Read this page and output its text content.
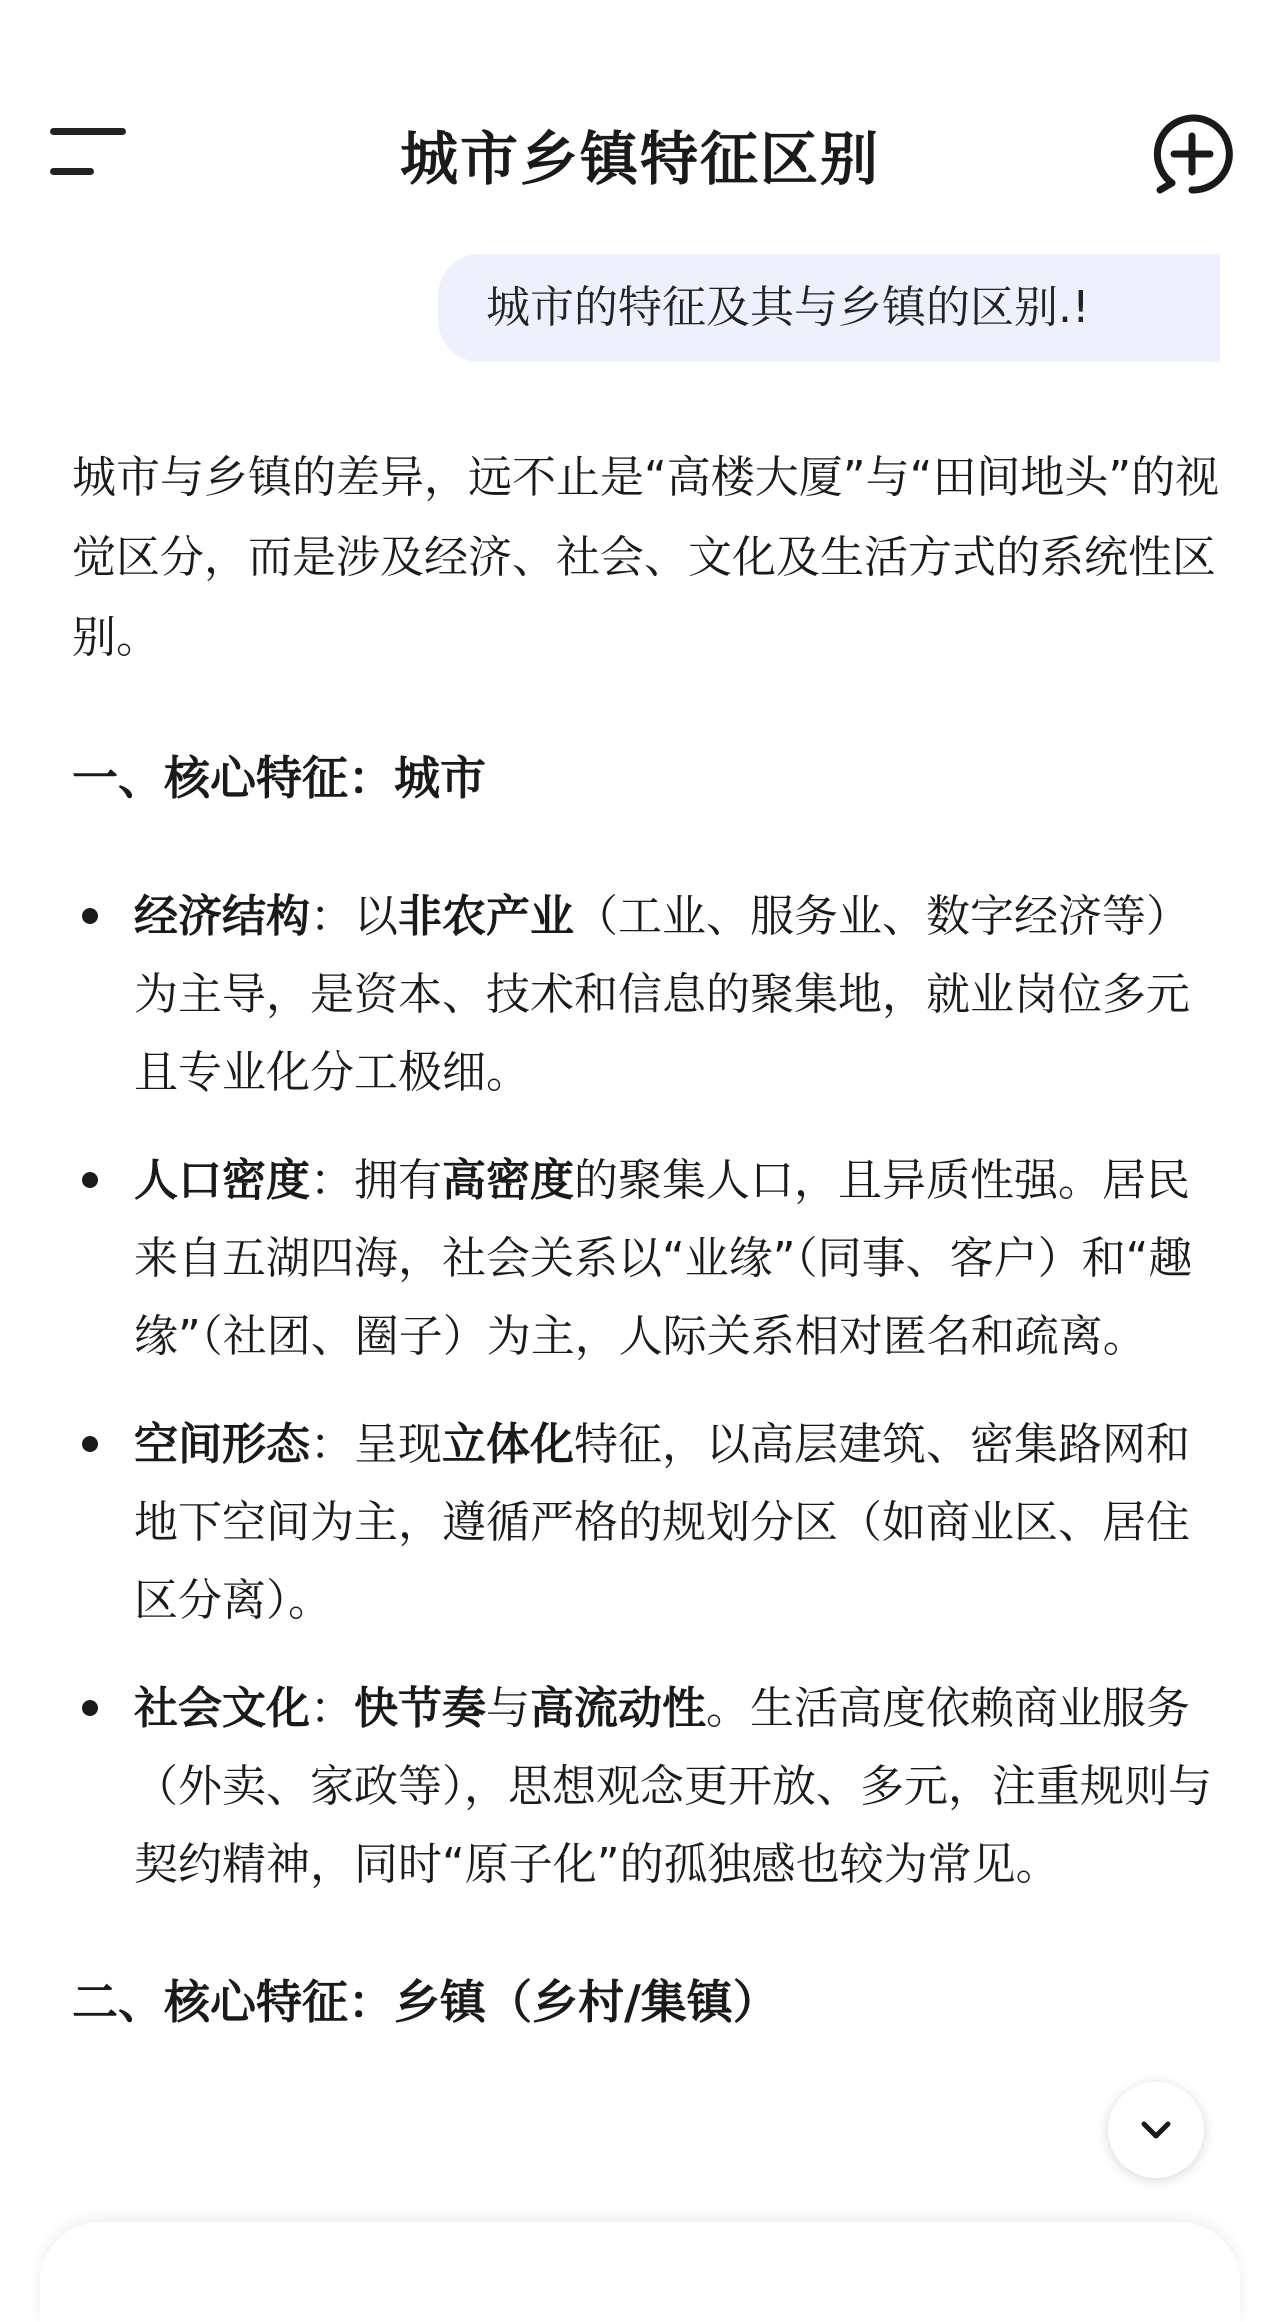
城市乡镇特征区别
城市的特征及其与乡镇的区别.!

城市与乡镇的差异，远不止是“高楼大厦”与“田间地头”的视觉区分，而是涉及经济、社会、文化及生活方式的系统性区别。

一、核心特征：城市

经济结构：以非农产业（工业、服务业、数字经济等）为主导，是资本、技术和信息的聚集地，就业岗位多元且专业化分工极细。
人口密度：拥有高密度的聚集人口，且异质性强。居民来自五湖四海，社会关系以“业缘”（同事、客户）和“趣缘”（社团、圈子）为主，人际关系相对匿名和疏离。
空间形态：呈现立体化特征，以高层建筑、密集路网和地下空间为主，遵循严格的规划分区（如商业区、居住区分离）。
社会文化：快节奏与高流动性。生活高度依赖商业服务（外卖、家政等），思想观念更开放、多元，注重规则与契约精神，同时“原子化”的孤独感也较为常见。

二、核心特征：乡镇（乡村/集镇）
